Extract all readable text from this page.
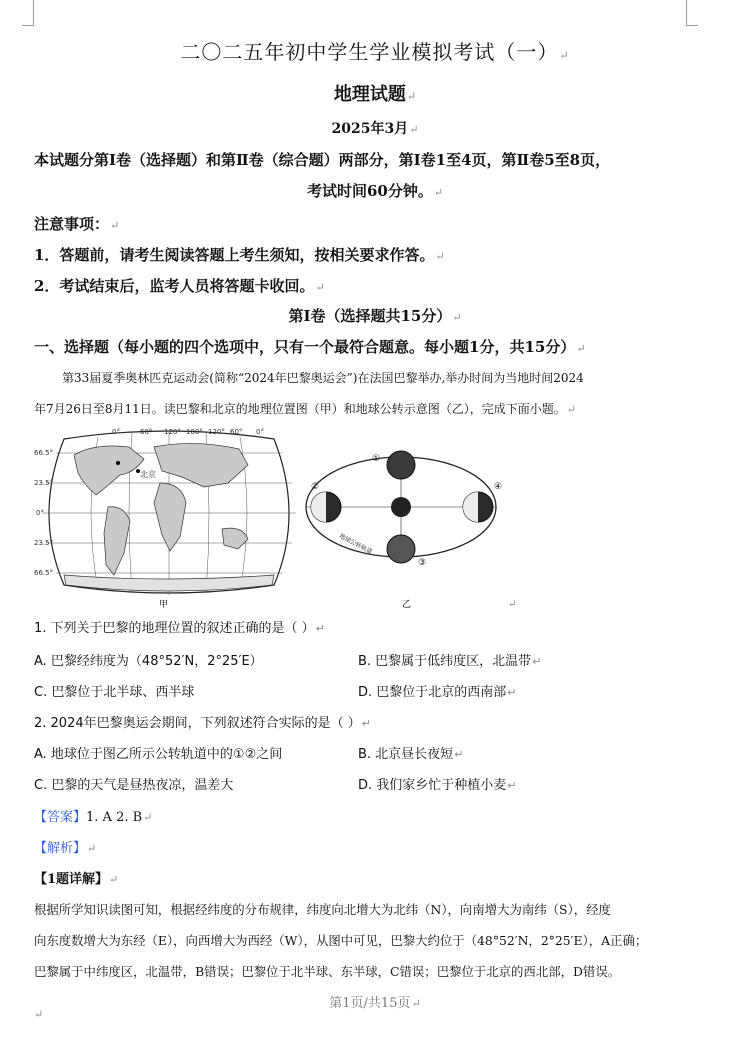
二〇二五年初中学生学业模拟考试（一）↵
地理试题↵
2025年3月↵
本试题分第Ⅰ卷（选择题）和第Ⅱ卷（综合题）两部分，第Ⅰ卷1至4页，第Ⅱ卷5至8页，
考试时间60分钟。↵
注意事项：↵
1．答题前，请考生阅读答题上考生须知，按相关要求作答。↵
2．考试结束后，监考人员将答题卡收回。↵
第Ⅰ卷（选择题共15分）↵
一、选择题（每小题的四个选项中，只有一个最符合题意。每小题1分，共15分）↵
第33届夏季奥林匹克运动会(简称“2024年巴黎奥运会”)在法国巴黎举办,举办时间为当地时间2024
年7月26日至8月11日。读巴黎和北京的地理位置图（甲）和地球公转示意图（乙），完成下面小题。↵
0°	60° 120° 180° 120° 60° 0°
66.5°
23.5°
0°
23.5°
66.5°
北京
甲
①
②
③
④
地球公转轨道
乙	↵
1. 下列关于巴黎的地理位置的叙述正确的是（ ）↵
A. 巴黎经纬度为（48°52′N，2°25′E）	B. 巴黎属于低纬度区，北温带↵
C. 巴黎位于北半球、西半球	D. 巴黎位于北京的西南部↵
2. 2024年巴黎奥运会期间，下列叙述符合实际的是（ ）↵
A. 地球位于图乙所示公转轨道中的①②之间	B. 北京昼长夜短↵
C. 巴黎的天气是昼热夜凉，温差大	D. 我们家乡忙于种植小麦↵
【答案】1. A 2. B↵
【解析】↵
【1题详解】↵
根据所学知识读图可知，根据经纬度的分布规律，纬度向北增大为北纬（N），向南增大为南纬（S），经度
向东度数增大为东经（E），向西增大为西经（W），从图中可见，巴黎大约位于（48°52′N，2°25′E），A正确；
巴黎属于中纬度区，北温带，B错误；巴黎位于北半球、东半球，C错误；巴黎位于北京的西北部，D错误。
第1页/共15页↵
↵
